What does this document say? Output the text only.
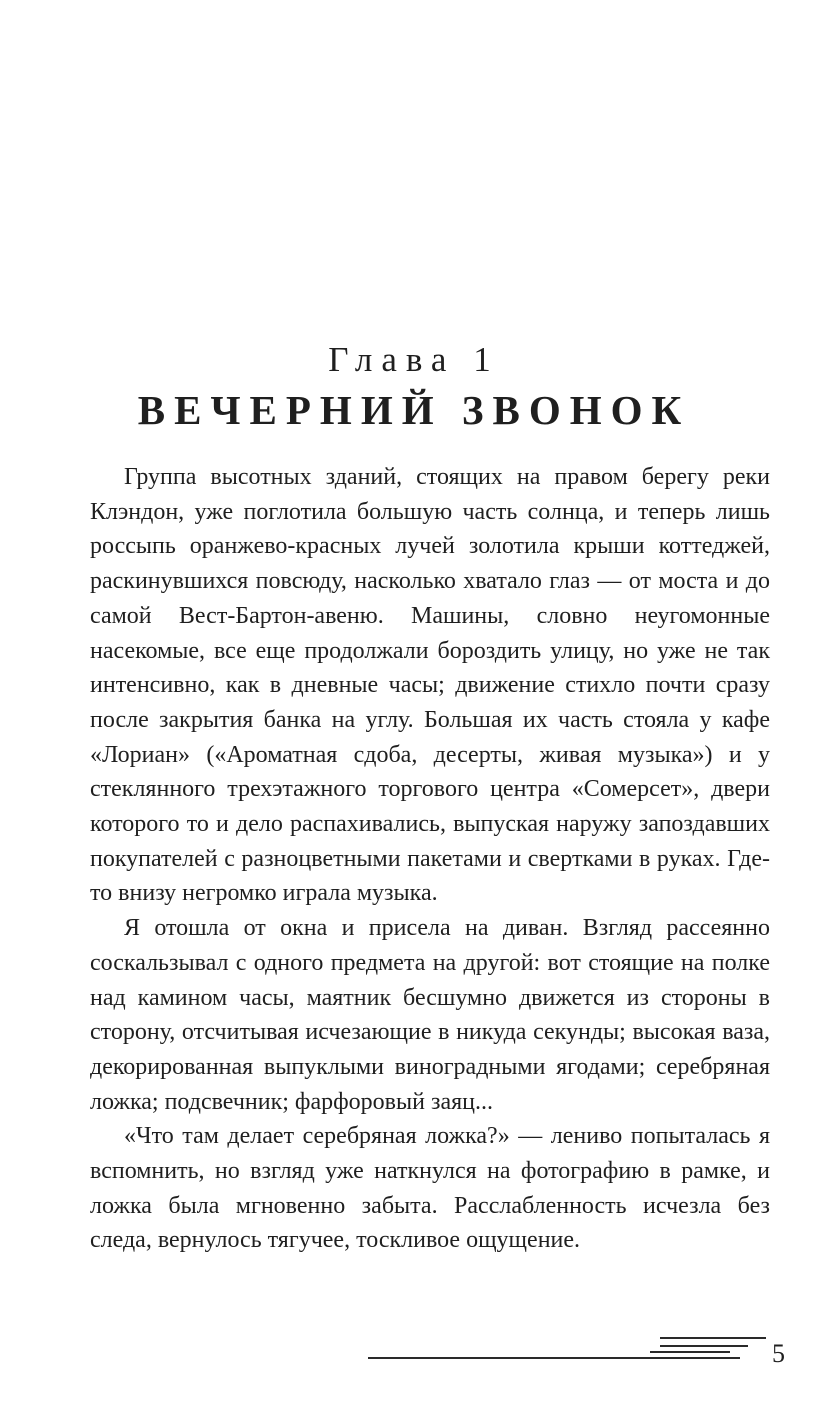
Глава 1
ВЕЧЕРНИЙ ЗВОНОК

Группа высотных зданий, стоящих на правом берегу реки Клэндон, уже поглотила большую часть солнца, и теперь лишь россыпь оранжево-красных лучей золотила крыши коттеджей, раскинувшихся повсюду, насколько хватало глаз — от моста и до самой Вест-Бартон-авеню. Машины, словно неугомонные насекомые, все еще продолжали бороздить улицу, но уже не так интенсивно, как в дневные часы; движение стихло почти сразу после закрытия банка на углу. Большая их часть стояла у кафе «Лориан» («Ароматная сдоба, десерты, живая музыка») и у стеклянного трехэтажного торгового центра «Сомерсет», двери которого то и дело распахивались, выпуская наружу запоздавших покупателей с разноцветными пакетами и свертками в руках. Где-то внизу негромко играла музыка.

Я отошла от окна и присела на диван. Взгляд рассеянно соскальзывал с одного предмета на другой: вот стоящие на полке над камином часы, маятник бесшумно движется из стороны в сторону, отсчитывая исчезающие в никуда секунды; высокая ваза, декорированная выпуклыми виноградными ягодами; серебряная ложка; подсвечник; фарфоровый заяц...

«Что там делает серебряная ложка?» — лениво попыталась я вспомнить, но взгляд уже наткнулся на фотографию в рамке, и ложка была мгновенно забыта. Расслабленность исчезла без следа, вернулось тягучее, тоскливое ощущение.

5
